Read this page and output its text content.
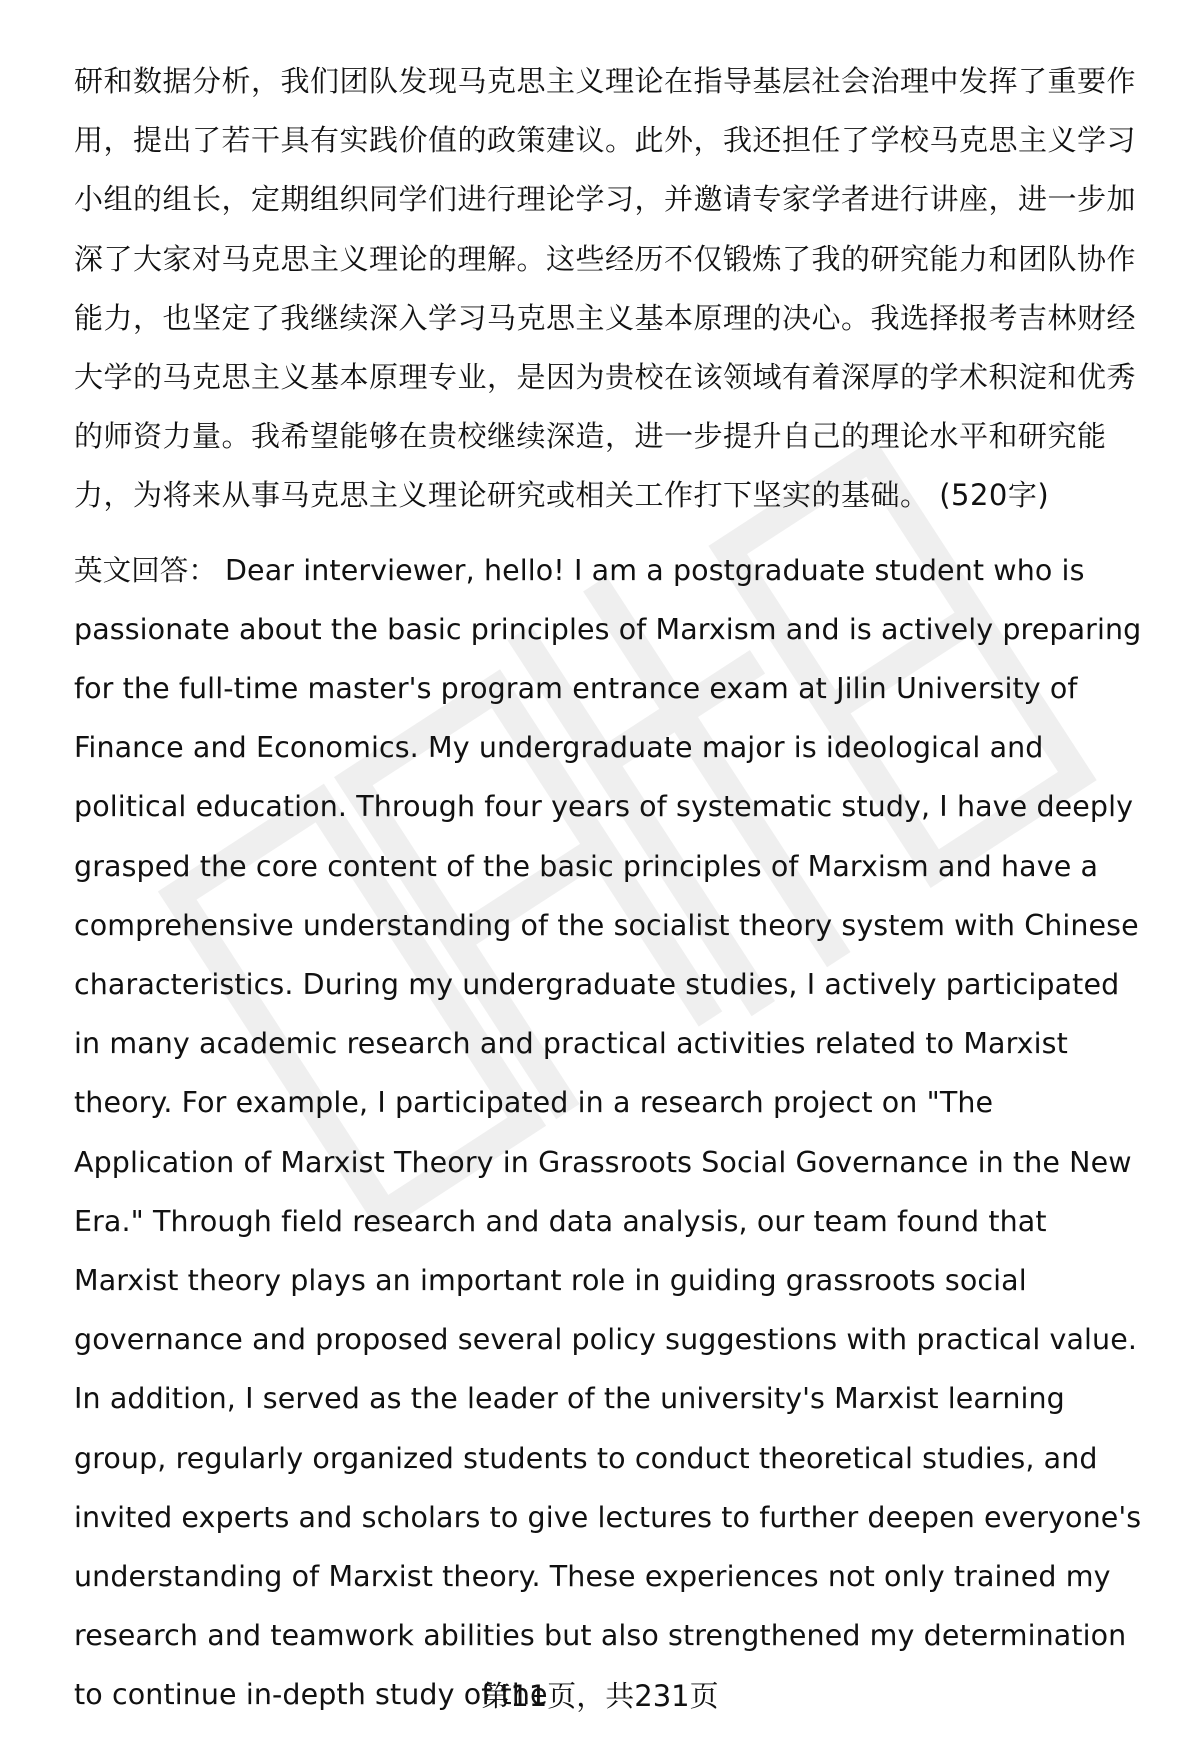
研和数据分析，我们团队发现马克思主义理论在指导基层社会治理中发挥了重要作用，提出了若干具有实践价值的政策建议。此外，我还担任了学校马克思主义学习小组的组长，定期组织同学们进行理论学习，并邀请专家学者进行讲座，进一步加深了大家对马克思主义理论的理解。这些经历不仅锻炼了我的研究能力和团队协作能力，也坚定了我继续深入学习马克思主义基本原理的决心。我选择报考吉林财经大学的马克思主义基本原理专业，是因为贵校在该领域有着深厚的学术积淀和优秀的师资力量。我希望能够在贵校继续深造，进一步提升自己的理论水平和研究能力，为将来从事马克思主义理论研究或相关工作打下坚实的基础。 (520字)

英文回答： Dear interviewer, hello! I am a postgraduate student who is passionate about the basic principles of Marxism and is actively preparing for the full-time master's program entrance exam at Jilin University of Finance and Economics. My undergraduate major is ideological and political education. Through four years of systematic study, I have deeply grasped the core content of the basic principles of Marxism and have a comprehensive understanding of the socialist theory system with Chinese characteristics. During my undergraduate studies, I actively participated in many academic research and practical activities related to Marxist theory. For example, I participated in a research project on "The Application of Marxist Theory in Grassroots Social Governance in the New Era." Through field research and data analysis, our team found that Marxist theory plays an important role in guiding grassroots social governance and proposed several policy suggestions with practical value. In addition, I served as the leader of the university's Marxist learning group, regularly organized students to conduct theoretical studies, and invited experts and scholars to give lectures to further deepen everyone's understanding of Marxist theory. These experiences not only trained my research and teamwork abilities but also strengthened my determination to continue in-depth study of the

第11页，共231页
